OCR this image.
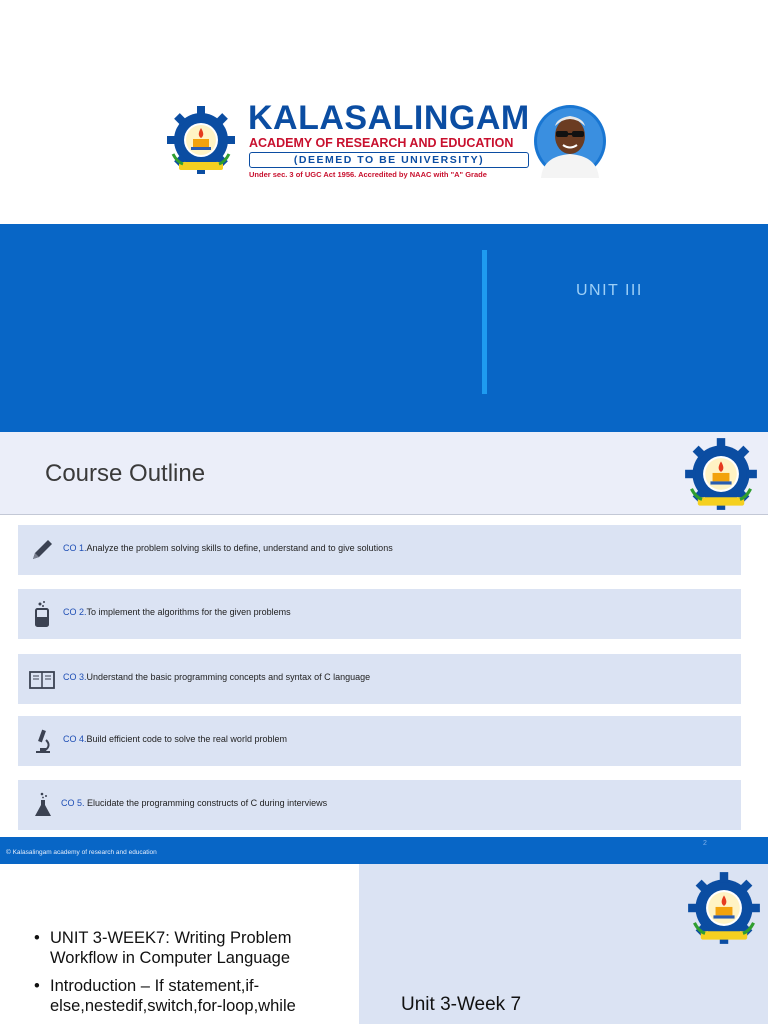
KALASALINGAM
ACADEMY OF RESEARCH AND EDUCATION
(DEEMED TO BE UNIVERSITY)
Under sec. 3 of UGC Act 1956. Accredited by NAAC with "A" Grade
UNIT III
Course Outline
CO 1.Analyze the problem solving skills to define, understand and to give solutions
CO 2.To implement the algorithms for the given problems
CO 3.Understand the basic programming concepts and syntax of C language
CO 4.Build efficient code to solve the real world problem
CO 5. Elucidate the programming constructs of C during interviews
© Kalasalingam academy of research and education
2
• UNIT 3-WEEK7: Writing Problem Workflow in Computer Language
• Introduction – If statement,if-else,nestedif,switch,for-loop,while	Unit 3-Week 7
